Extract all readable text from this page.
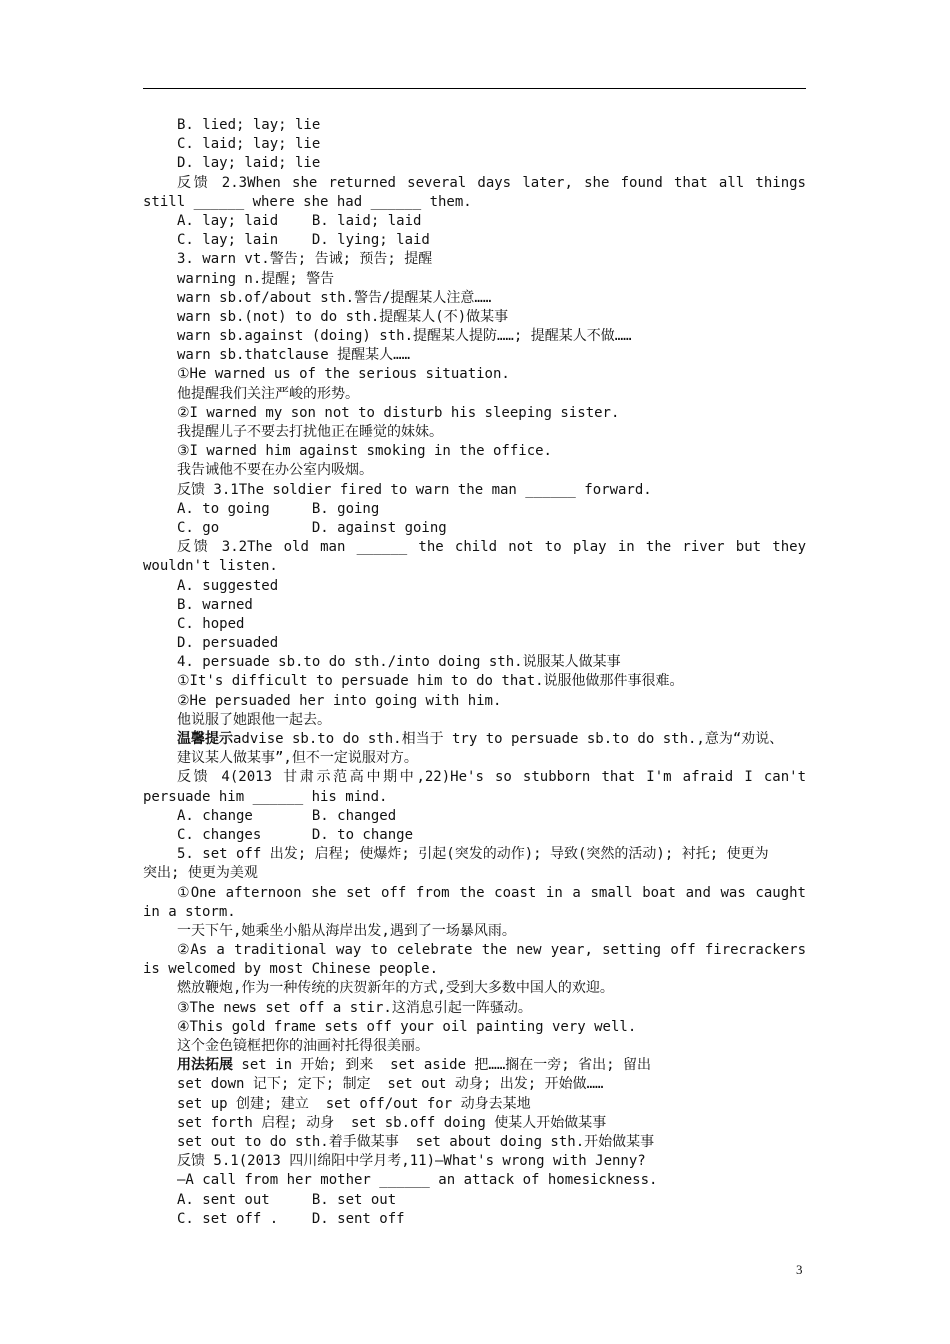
B. lied; lay; lie
C. laid; lay; lie
D. lay; laid; lie
反馈 2.3When she returned several days later, she found that all things
still ______ where she had ______ them.
A. lay; laid    B. laid; laid
C. lay; lain    D. lying; laid
3. warn vt.警告; 告诫; 预告; 提醒
warning n.提醒; 警告
warn sb.of/about sth.警告/提醒某人注意……
warn sb.(not) to do sth.提醒某人(不)做某事
warn sb.against (doing) sth.提醒某人提防……; 提醒某人不做……
warn sb.thatclause 提醒某人……
①He warned us of the serious situation.
他提醒我们关注严峻的形势。
②I warned my son not to disturb his sleeping sister.
我提醒儿子不要去打扰他正在睡觉的妹妹。
③I warned him against smoking in the office.
我告诫他不要在办公室内吸烟。
反馈 3.1The soldier fired to warn the man ______ forward.
A. to going     B. going
C. go           D. against going
反馈 3.2The old man ______ the child not to play in the river but they
wouldn't listen.
A. suggested
B. warned
C. hoped
D. persuaded
4. persuade sb.to do sth./into doing sth.说服某人做某事
①It's difficult to persuade him to do that.说服他做那件事很难。
②He persuaded her into going with him.
他说服了她跟他一起去。
温馨提示advise sb.to do sth.相当于 try to persuade sb.to do sth.,意为“劝说、
建议某人做某事”,但不一定说服对方。
反馈 4(2013 甘肃示范高中期中,22)He's so stubborn that I'm afraid I can't
persuade him ______ his mind.
A. change       B. changed
C. changes      D. to change
5. set off 出发; 启程; 使爆炸; 引起(突发的动作); 导致(突然的活动); 衬托; 使更为
突出; 使更为美观
①One afternoon she set off from the coast in a small boat and was caught
in a storm.
一天下午,她乘坐小船从海岸出发,遇到了一场暴风雨。
②As a traditional way to celebrate the new year, setting off firecrackers
is welcomed by most Chinese people.
燃放鞭炮,作为一种传统的庆贺新年的方式,受到大多数中国人的欢迎。
③The news set off a stir.这消息引起一阵骚动。
④This gold frame sets off your oil painting very well.
这个金色镜框把你的油画衬托得很美丽。
用法拓展 set in 开始; 到来  set aside 把……搁在一旁; 省出; 留出
set down 记下; 定下; 制定  set out 动身; 出发; 开始做……
set up 创建; 建立  set off/out for 动身去某地
set forth 启程; 动身  set sb.off doing 使某人开始做某事
set out to do sth.着手做某事  set about doing sth.开始做某事
反馈 5.1(2013 四川绵阳中学月考,11)—What's wrong with Jenny?
—A call from her mother ______ an attack of homesickness.
A. sent out     B. set out
C. set off .    D. sent off
3
